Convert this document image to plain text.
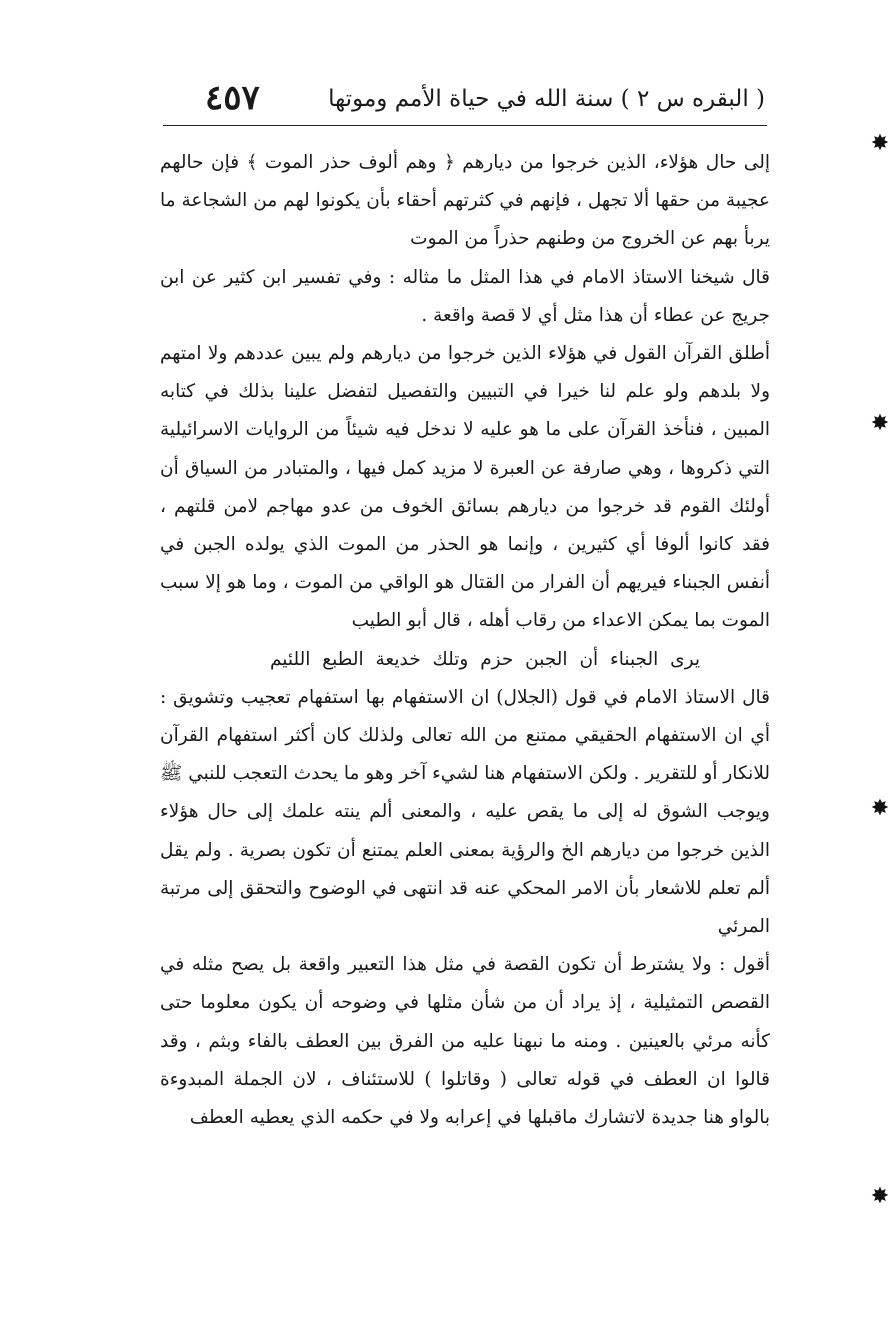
( البقره س ٢ ) سنة الله في حياة الأمم وموتها
٤٥٧

إلى حال هؤلاء، الذين خرجوا من ديارهم ﴿ وهم ألوف حذر الموت ﴾ فإن حالهم عجيبة من حقها ألا تجهل ، فإنهم في كثرتهم أحقاء بأن يكونوا لهم من الشجاعة ما يربأ بهم عن الخروج من وطنهم حذراً من الموت

قال شيخنا الاستاذ الامام في هذا المثل ما مثاله : وفي تفسير ابن كثير عن ابن جريج عن عطاء أن هذا مثل أي لا قصة واقعة .

أطلق القرآن القول في هؤلاء الذين خرجوا من ديارهم ولم يبين عددهم ولا امتهم ولا بلدهم ولو علم لنا خيرا في التبيين والتفصيل لتفضل علينا بذلك في كتابه المبين ، فنأخذ القرآن على ما هو عليه لا ندخل فيه شيئاً من الروايات الاسرائيلية التي ذكروها ، وهي صارفة عن العبرة لا مزيد كمل فيها ، والمتبادر من السياق أن أولئك القوم قد خرجوا من ديارهم بسائق الخوف من عدو مهاجم لامن قلتهم ، فقد كانوا ألوفا أي كثيرين ، وإنما هو الحذر من الموت الذي يولده الجبن في أنفس الجبناء فيريهم أن الفرار من القتال هو الواقي من الموت ، وما هو إلا سبب الموت بما يمكن الاعداء من رقاب أهله ، قال أبو الطيب

يرى الجبناء أن الجبن حزم وتلك خديعة الطبع اللئيم

قال الاستاذ الامام في قول (الجلال) ان الاستفهام بها استفهام تعجيب وتشويق : أي ان الاستفهام الحقيقي ممتنع من الله تعالى ولذلك كان أكثر استفهام القرآن للانكار أو للتقرير . ولكن الاستفهام هنا لشيء آخر وهو ما يحدث التعجب للنبي ﷺ ويوجب الشوق له إلى ما يقص عليه ، والمعنى ألم ينته علمك إلى حال هؤلاء الذين خرجوا من ديارهم الخ والرؤية بمعنى العلم يمتنع أن تكون بصرية . ولم يقل ألم تعلم للاشعار بأن الامر المحكي عنه قد انتهى في الوضوح والتحقق إلى مرتبة المرئي

أقول : ولا يشترط أن تكون القصة في مثل هذا التعبير واقعة بل يصح مثله في القصص التمثيلية ، إذ يراد أن من شأن مثلها في وضوحه أن يكون معلوما حتى كأنه مرئي بالعينين . ومنه ما نبهنا عليه من الفرق بين العطف بالفاء وبثم ، وقد قالوا ان العطف في قوله تعالى ( وقاتلوا ) للاستئناف ، لان الجملة المبدوءة بالواو هنا جديدة لاتشارك ماقبلها في إعرابه ولا في حكمه الذي يعطيه العطف

✸
✸
✸
✸
